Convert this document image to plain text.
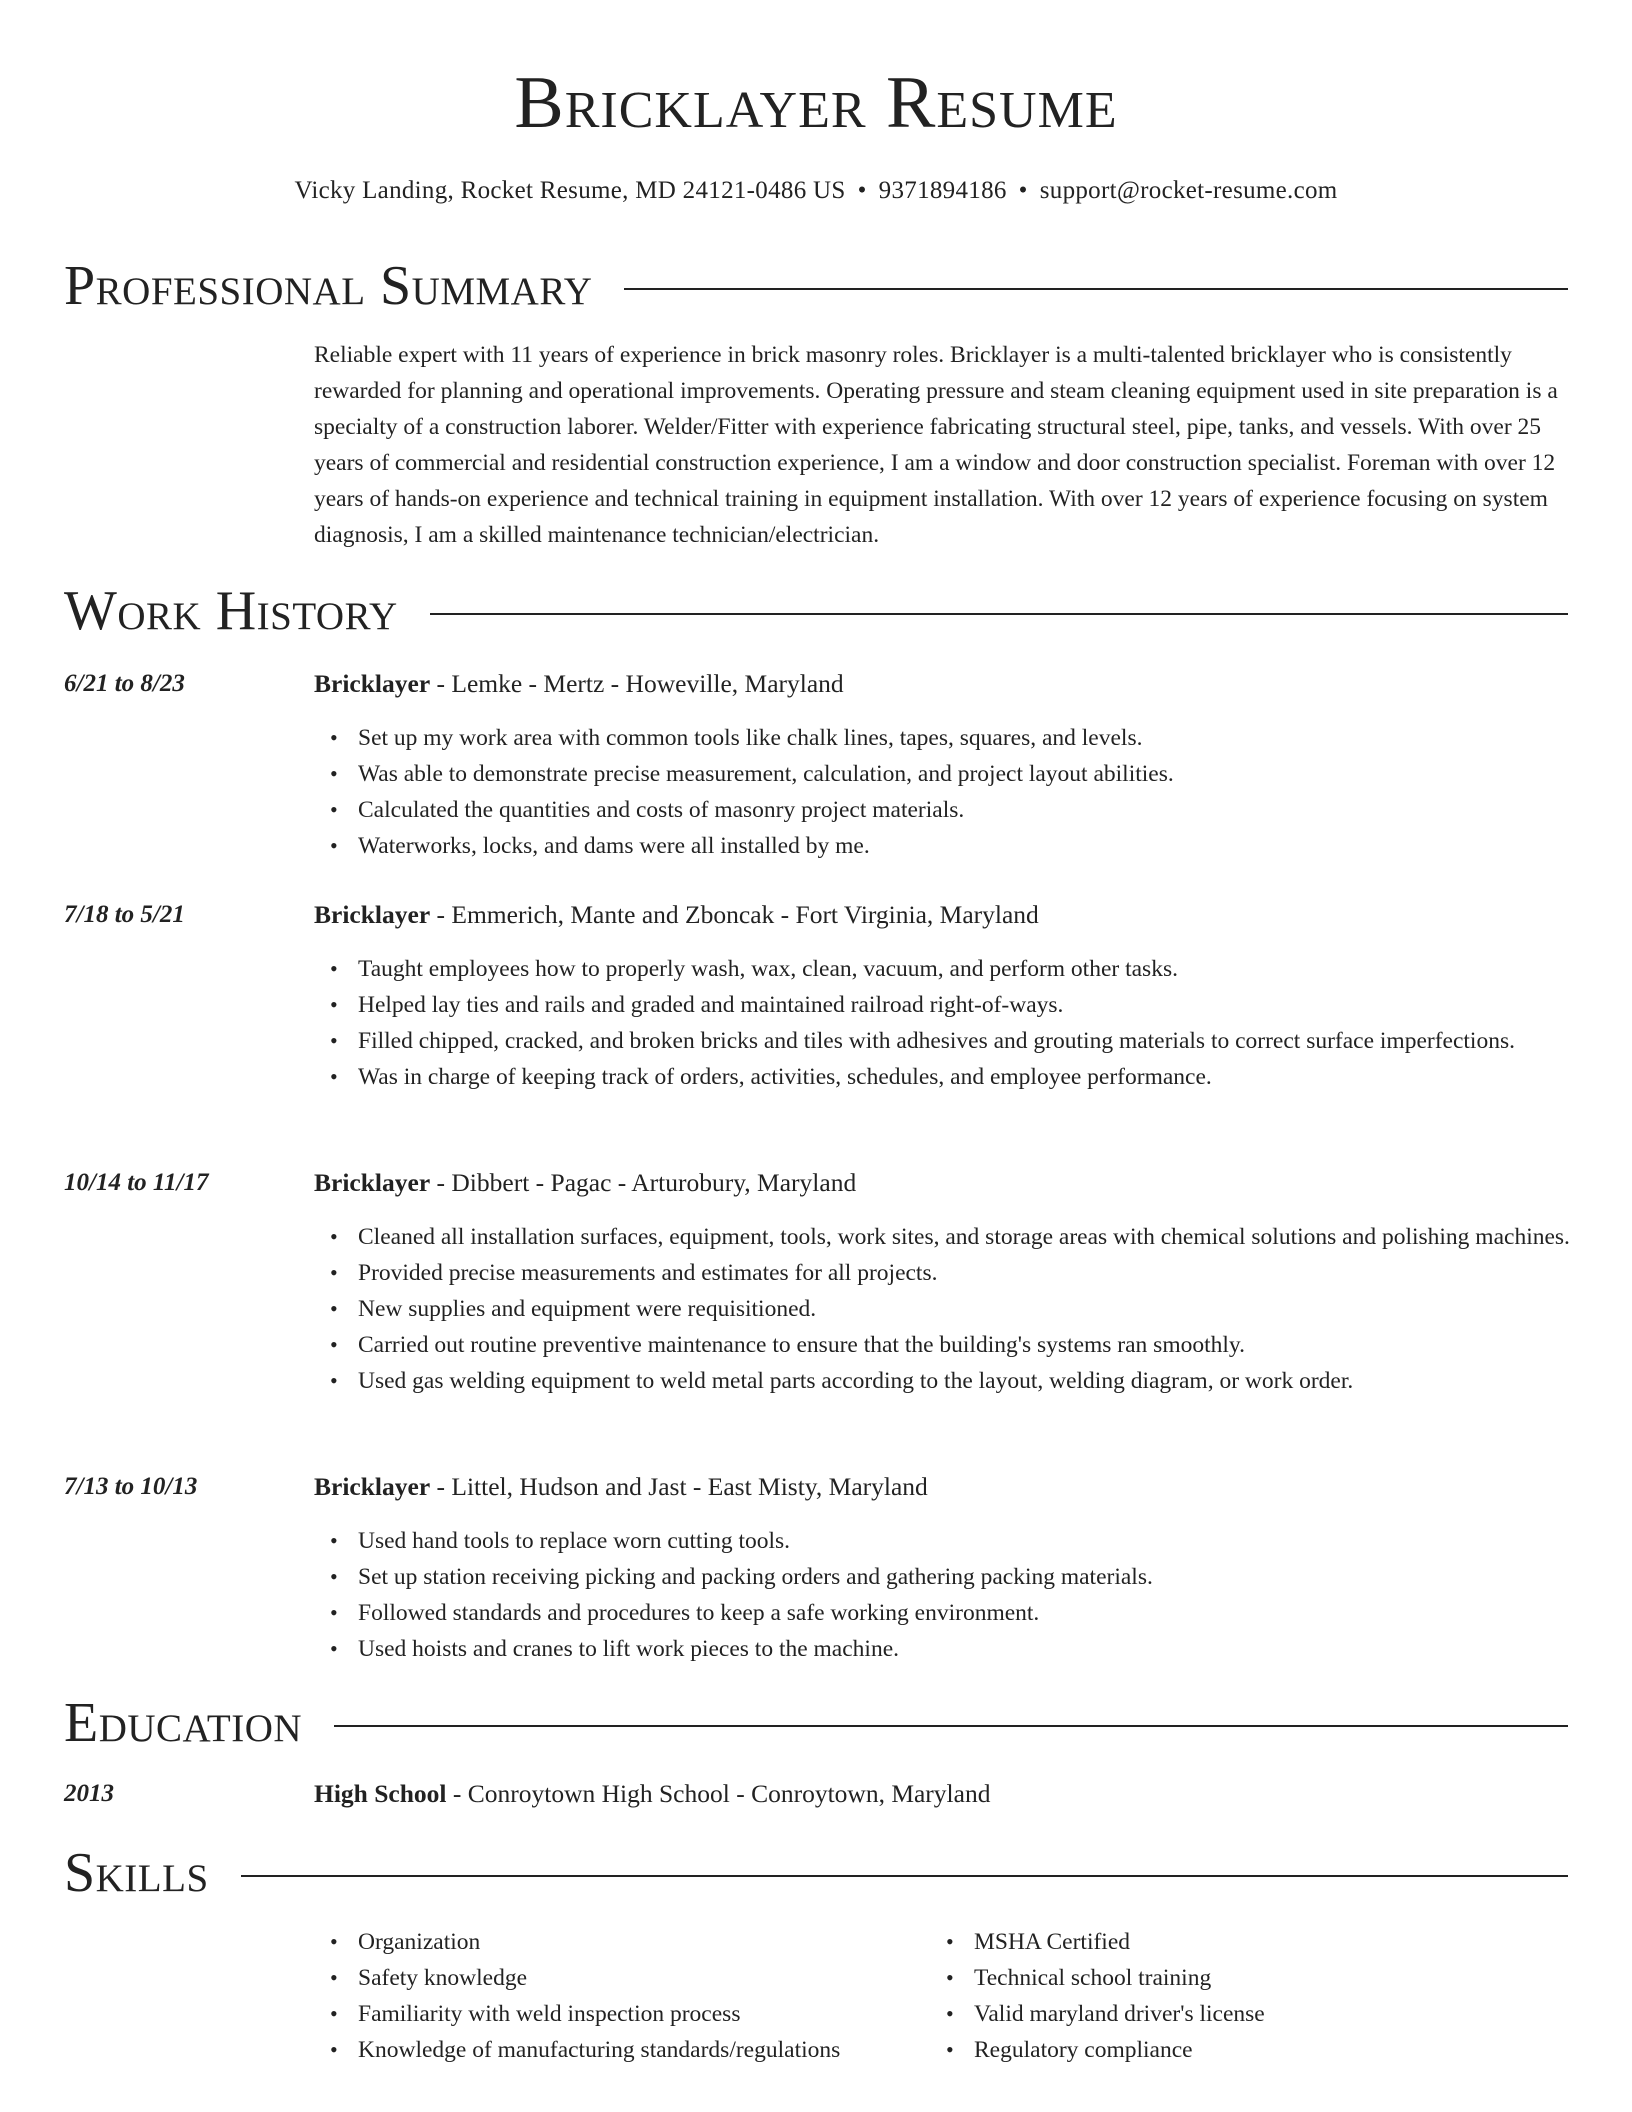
Bricklayer Resume
Vicky Landing, Rocket Resume, MD 24121-0486 US • 9371894186 • support@rocket-resume.com
Professional Summary

Reliable expert with 11 years of experience in brick masonry roles. Bricklayer is a multi-talented bricklayer who is consistently rewarded for planning and operational improvements. Operating pressure and steam cleaning equipment used in site preparation is a specialty of a construction laborer. Welder/Fitter with experience fabricating structural steel, pipe, tanks, and vessels. With over 25 years of commercial and residential construction experience, I am a window and door construction specialist. Foreman with over 12 years of hands-on experience and technical training in equipment installation. With over 12 years of experience focusing on system diagnosis, I am a skilled maintenance technician/electrician.

Work History
6/21 to 8/23	Bricklayer - Lemke - Mertz - Howeville, Maryland
• Set up my work area with common tools like chalk lines, tapes, squares, and levels.
• Was able to demonstrate precise measurement, calculation, and project layout abilities.
• Calculated the quantities and costs of masonry project materials.
• Waterworks, locks, and dams were all installed by me.
7/18 to 5/21	Bricklayer - Emmerich, Mante and Zboncak - Fort Virginia, Maryland
• Taught employees how to properly wash, wax, clean, vacuum, and perform other tasks.
• Helped lay ties and rails and graded and maintained railroad right-of-ways.
• Filled chipped, cracked, and broken bricks and tiles with adhesives and grouting materials to correct surface imperfections.
• Was in charge of keeping track of orders, activities, schedules, and employee performance.
10/14 to 11/17	Bricklayer - Dibbert - Pagac - Arturobury, Maryland
• Cleaned all installation surfaces, equipment, tools, work sites, and storage areas with chemical solutions and polishing machines.
• Provided precise measurements and estimates for all projects.
• New supplies and equipment were requisitioned.
• Carried out routine preventive maintenance to ensure that the building's systems ran smoothly.
• Used gas welding equipment to weld metal parts according to the layout, welding diagram, or work order.
7/13 to 10/13	Bricklayer - Littel, Hudson and Jast - East Misty, Maryland
• Used hand tools to replace worn cutting tools.
• Set up station receiving picking and packing orders and gathering packing materials.
• Followed standards and procedures to keep a safe working environment.
• Used hoists and cranes to lift work pieces to the machine.
Education
2013	High School - Conroytown High School - Conroytown, Maryland
Skills
• Organization
• Safety knowledge
• Familiarity with weld inspection process
• Knowledge of manufacturing standards/regulations
• MSHA Certified
• Technical school training
• Valid maryland driver's license
• Regulatory compliance
